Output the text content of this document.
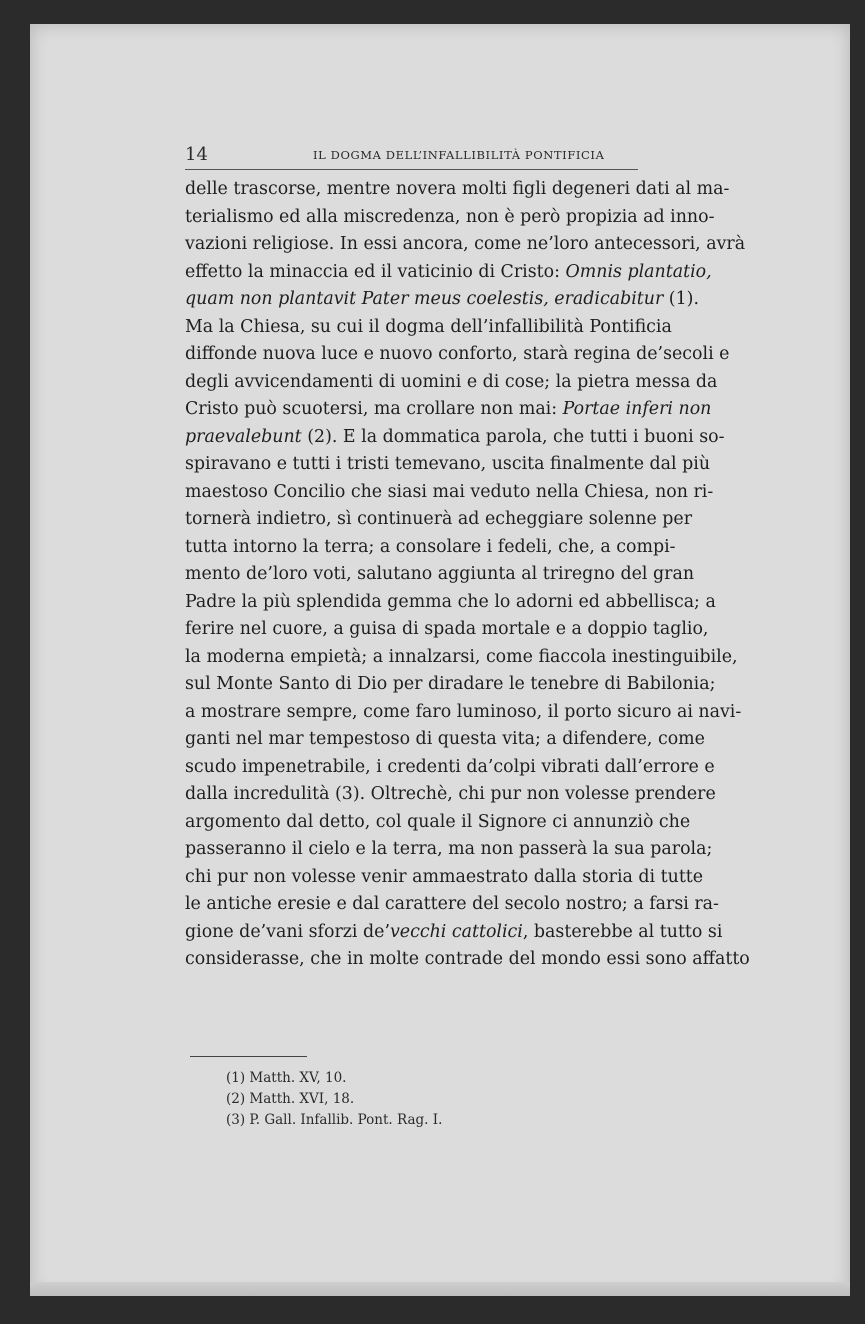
14	IL DOGMA DELL’INFALLIBILITÀ PONTIFICIA
delle trascorse, mentre novera molti figli degeneri dati al ma-
terialismo ed alla miscredenza, non è però propizia ad inno-
vazioni religiose. In essi ancora, come ne’loro antecessori, avrà
effetto la minaccia ed il vaticinio di Cristo: Omnis plantatio,
quam non plantavit Pater meus coelestis, eradicabitur (1).
Ma la Chiesa, su cui il dogma dell’infallibilità Pontificia
diffonde nuova luce e nuovo conforto, starà regina de’secoli e
degli avvicendamenti di uomini e di cose; la pietra messa da
Cristo può scuotersi, ma crollare non mai: Portae inferi non
praevalebunt (2). E la dommatica parola, che tutti i buoni so-
spiravano e tutti i tristi temevano, uscita finalmente dal più
maestoso Concilio che siasi mai veduto nella Chiesa, non ri-
tornerà indietro, sì continuerà ad echeggiare solenne per
tutta intorno la terra; a consolare i fedeli, che, a compi-
mento de’loro voti, salutano aggiunta al triregno del gran
Padre la più splendida gemma che lo adorni ed abbellisca; a
ferire nel cuore, a guisa di spada mortale e a doppio taglio,
la moderna empietà; a innalzarsi, come fiaccola inestinguibile,
sul Monte Santo di Dio per diradare le tenebre di Babilonia;
a mostrare sempre, come faro luminoso, il porto sicuro ai navi-
ganti nel mar tempestoso di questa vita; a difendere, come
scudo impenetrabile, i credenti da’colpi vibrati dall’errore e
dalla incredulità (3). Oltrechè, chi pur non volesse prendere
argomento dal detto, col quale il Signore ci annunziò che
passeranno il cielo e la terra, ma non passerà la sua parola;
chi pur non volesse venir ammaestrato dalla storia di tutte
le antiche eresie e dal carattere del secolo nostro; a farsi ra-
gione de’vani sforzi de’vecchi cattolici, basterebbe al tutto si
considerasse, che in molte contrade del mondo essi sono affatto
(1) Matth. XV, 10.
(2) Matth. XVI, 18.
(3) P. Gall. Infallib. Pont. Rag. I.
